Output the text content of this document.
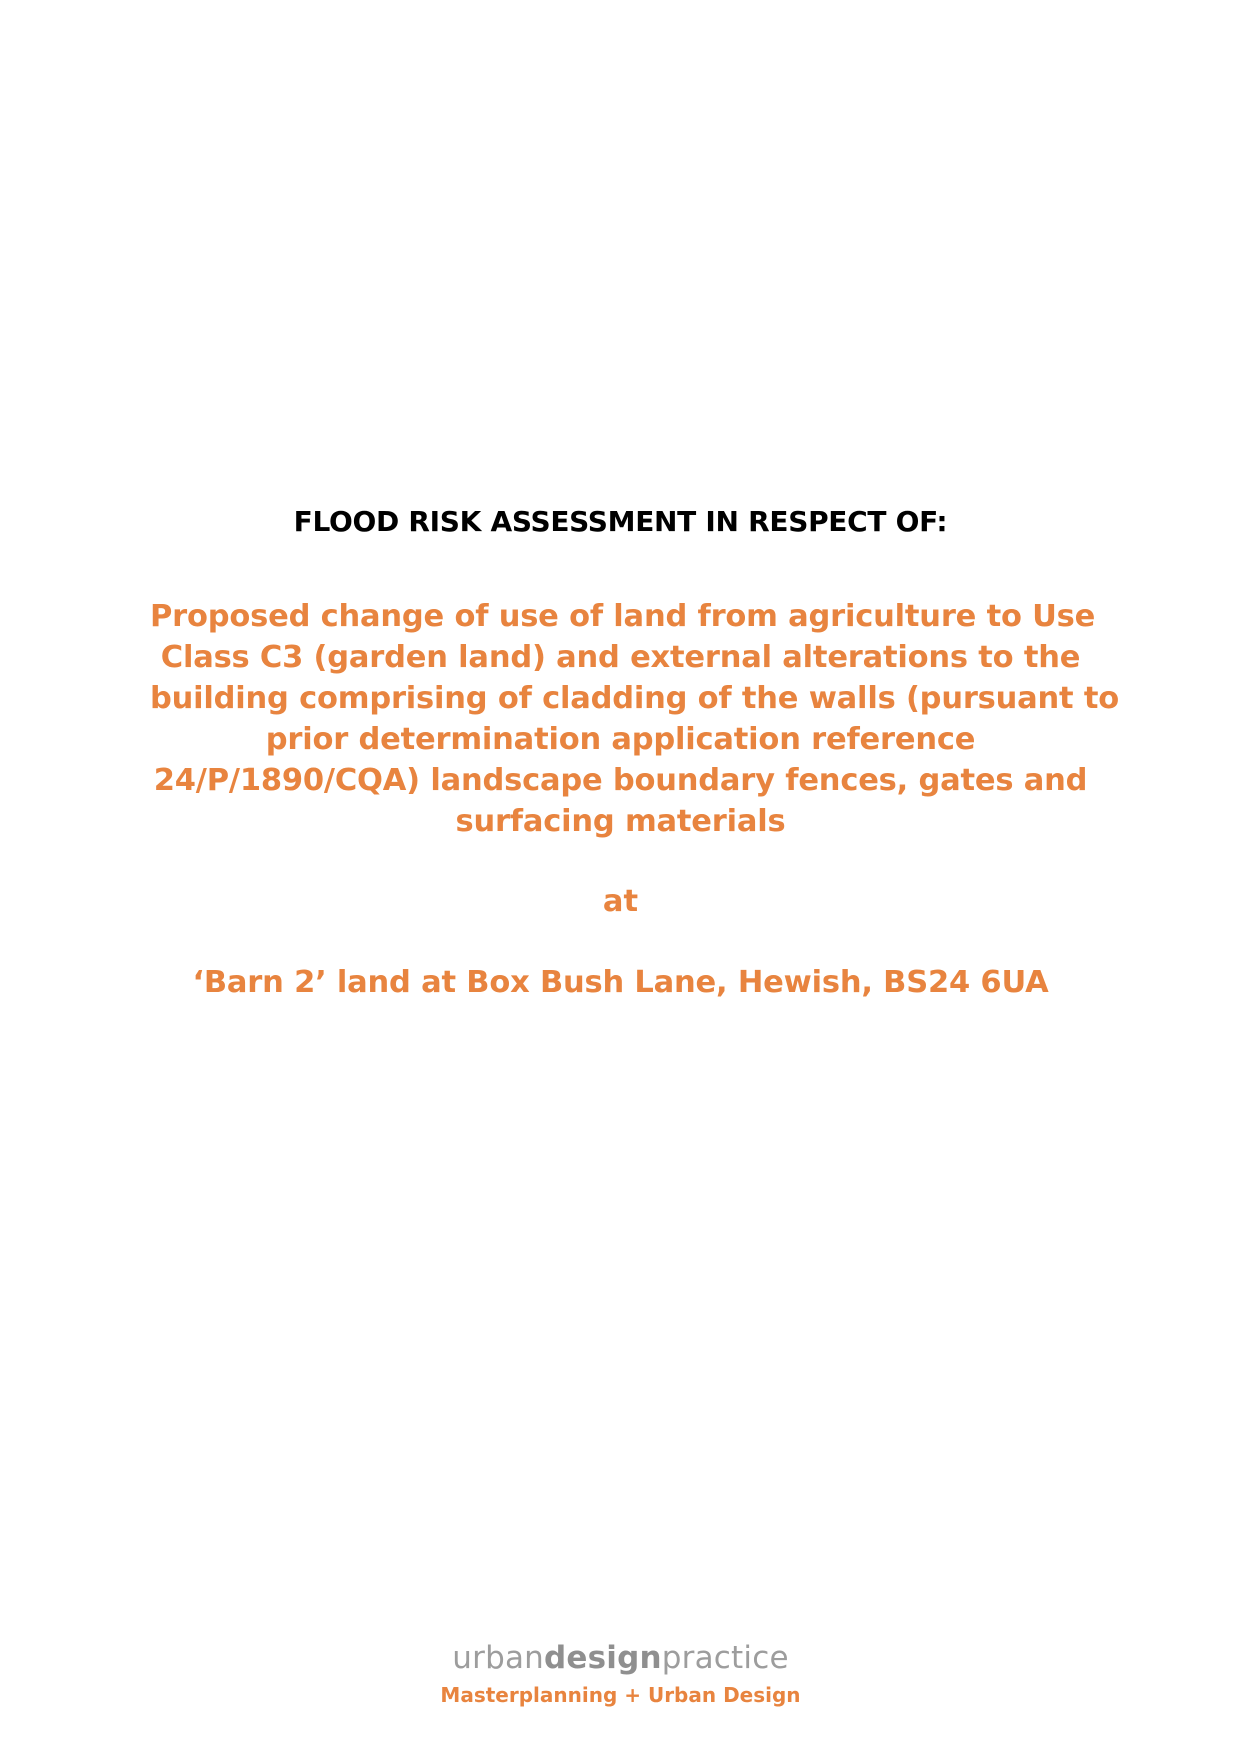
FLOOD RISK ASSESSMENT IN RESPECT OF:
Proposed change of use of land from agriculture to Use
Class C3 (garden land) and external alterations to the
building comprising of cladding of the walls (pursuant to
prior determination application reference
24/P/1890/CQA) landscape boundary fences, gates and
surfacing materials
at
‘Barn 2’ land at Box Bush Lane, Hewish, BS24 6UA
urbandesignpractice
Masterplanning + Urban Design
